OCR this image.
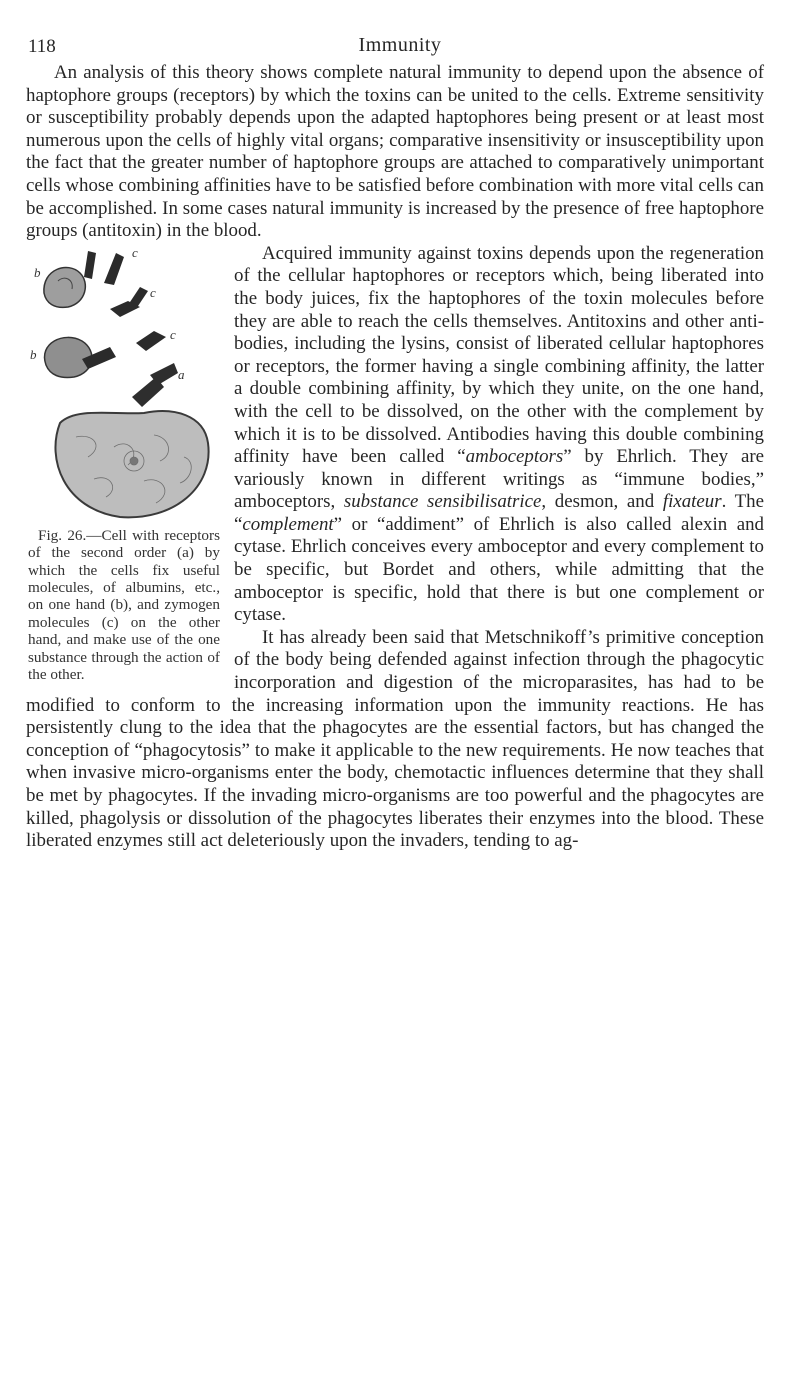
118	Immunity

An analysis of this theory shows complete natural immunity to depend upon the absence of haptophore groups (receptors) by which the toxins can be united to the cells. Extreme sensitivity or susceptibility probably depends upon the adapted haptophores being present or at least most numerous upon the cells of highly vital organs; comparative insensitivity or insusceptibility upon the fact that the greater number of haptophore groups are attached to comparatively unimportant cells whose combining affinities have to be satisfied before combination with more vital cells can be accomplished. In some cases natural immunity is increased by the presence of free haptophore groups (antitoxin) in the blood.

b
b
c
c
c
a
Fig. 26.—Cell with receptors of the second order (a) by which the cells fix useful molecules, of albumins, etc., on one hand (b), and zymogen molecules (c) on the other hand, and make use of the one substance through the action of the other.

Acquired immunity against toxins depends upon the regeneration of the cellular haptophores or receptors which, being liberated into the body juices, fix the haptophores of the toxin molecules before they are able to reach the cells themselves. Antitoxins and other anti-bodies, including the lysins, consist of liberated cellular haptophores or receptors, the former having a single combining affinity, the latter a double combining affinity, by which they unite, on the one hand, with the cell to be dissolved, on the other with the complement by which it is to be dissolved. Antibodies having this double combining affinity have been called “amboceptors” by Ehrlich. They are variously known in different writings as “immune bodies,” amboceptors, substance sensibilisatrice, desmon, and fixateur. The “complement” or “addiment” of Ehrlich is also called alexin and cytase. Ehrlich conceives every amboceptor and every complement to be specific, but Bordet and others, while admitting that the amboceptor is specific, hold that there is but one complement or cytase.

It has already been said that Metschnikoff’s primitive conception of the body being defended against infection through the phagocytic incorporation and digestion of the microparasites, has had to be modified to conform to the increasing information upon the immunity reactions. He has persistently clung to the idea that the phagocytes are the essential factors, but has changed the conception of “phagocytosis” to make it applicable to the new requirements. He now teaches that when invasive micro-organisms enter the body, chemotactic influences determine that they shall be met by phagocytes. If the invading micro-organisms are too powerful and the phagocytes are killed, phagolysis or dissolution of the phagocytes liberates their enzymes into the blood. These liberated enzymes still act deleteriously upon the invaders, tending to ag-
